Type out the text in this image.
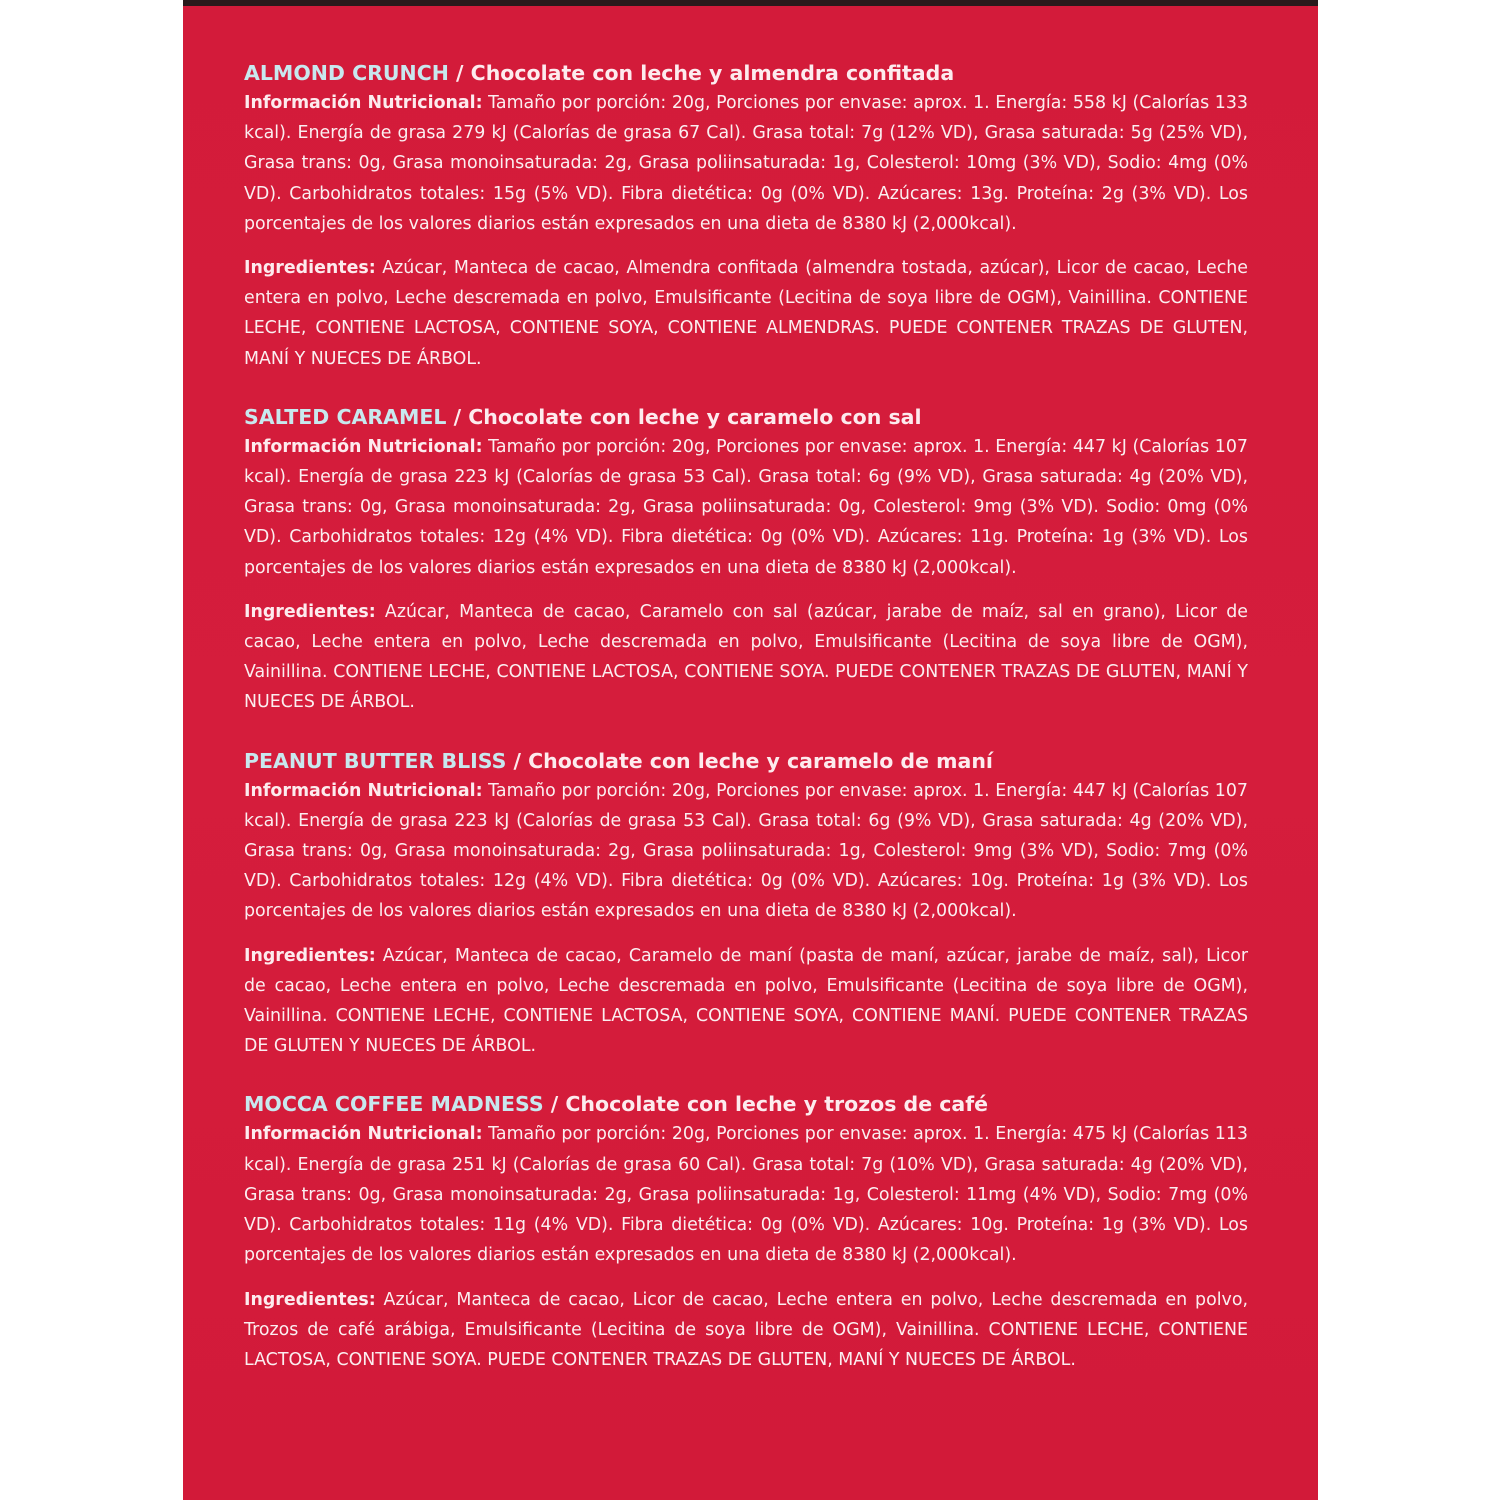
ALMOND CRUNCH / Chocolate con leche y almendra confitada

Información Nutricional: Tamaño por porción: 20g, Porciones por envase: aprox. 1. Energía: 558 kJ (Calorías 133 kcal). Energía de grasa 279 kJ (Calorías de grasa 67 Cal). Grasa total: 7g (12% VD), Grasa saturada: 5g (25% VD), Grasa trans: 0g, Grasa monoinsaturada: 2g, Grasa poliinsaturada: 1g, Colesterol: 10mg (3% VD), Sodio: 4mg (0% VD). Carbohidratos totales: 15g (5% VD). Fibra dietética: 0g (0% VD). Azúcares: 13g. Proteína: 2g (3% VD). Los porcentajes de los valores diarios están expresados en una dieta de 8380 kJ (2,000kcal).

Ingredientes: Azúcar, Manteca de cacao, Almendra confitada (almendra tostada, azúcar), Licor de cacao, Leche entera en polvo, Leche descremada en polvo, Emulsificante (Lecitina de soya libre de OGM), Vainillina. CONTIENE LECHE, CONTIENE LACTOSA, CONTIENE SOYA, CONTIENE ALMENDRAS. PUEDE CONTENER TRAZAS DE GLUTEN, MANÍ Y NUECES DE ÁRBOL.

SALTED CARAMEL / Chocolate con leche y caramelo con sal

Información Nutricional: Tamaño por porción: 20g, Porciones por envase: aprox. 1. Energía: 447 kJ (Calorías 107 kcal). Energía de grasa 223 kJ (Calorías de grasa 53 Cal). Grasa total: 6g (9% VD), Grasa saturada: 4g (20% VD), Grasa trans: 0g, Grasa monoinsaturada: 2g, Grasa poliinsaturada: 0g, Colesterol: 9mg (3% VD). Sodio: 0mg (0% VD). Carbohidratos totales: 12g (4% VD). Fibra dietética: 0g (0% VD). Azúcares: 11g. Proteína: 1g (3% VD). Los porcentajes de los valores diarios están expresados en una dieta de 8380 kJ (2,000kcal).

Ingredientes: Azúcar, Manteca de cacao, Caramelo con sal (azúcar, jarabe de maíz, sal en grano), Licor de cacao, Leche entera en polvo, Leche descremada en polvo, Emulsificante (Lecitina de soya libre de OGM), Vainillina. CONTIENE LECHE, CONTIENE LACTOSA, CONTIENE SOYA. PUEDE CONTENER TRAZAS DE GLUTEN, MANÍ Y NUECES DE ÁRBOL.

PEANUT BUTTER BLISS / Chocolate con leche y caramelo de maní

Información Nutricional: Tamaño por porción: 20g, Porciones por envase: aprox. 1. Energía: 447 kJ (Calorías 107 kcal). Energía de grasa 223 kJ (Calorías de grasa 53 Cal). Grasa total: 6g (9% VD), Grasa saturada: 4g (20% VD), Grasa trans: 0g, Grasa monoinsaturada: 2g, Grasa poliinsaturada: 1g, Colesterol: 9mg (3% VD), Sodio: 7mg (0% VD). Carbohidratos totales: 12g (4% VD). Fibra dietética: 0g (0% VD). Azúcares: 10g. Proteína: 1g (3% VD). Los porcentajes de los valores diarios están expresados en una dieta de 8380 kJ (2,000kcal).

Ingredientes: Azúcar, Manteca de cacao, Caramelo de maní (pasta de maní, azúcar, jarabe de maíz, sal), Licor de cacao, Leche entera en polvo, Leche descremada en polvo, Emulsificante (Lecitina de soya libre de OGM), Vainillina. CONTIENE LECHE, CONTIENE LACTOSA, CONTIENE SOYA, CONTIENE MANÍ. PUEDE CONTENER TRAZAS DE GLUTEN Y NUECES DE ÁRBOL.

MOCCA COFFEE MADNESS / Chocolate con leche y trozos de café

Información Nutricional: Tamaño por porción: 20g, Porciones por envase: aprox. 1. Energía: 475 kJ (Calorías 113 kcal). Energía de grasa 251 kJ (Calorías de grasa 60 Cal). Grasa total: 7g (10% VD), Grasa saturada: 4g (20% VD), Grasa trans: 0g, Grasa monoinsaturada: 2g, Grasa poliinsaturada: 1g, Colesterol: 11mg (4% VD), Sodio: 7mg (0% VD). Carbohidratos totales: 11g (4% VD). Fibra dietética: 0g (0% VD). Azúcares: 10g. Proteína: 1g (3% VD). Los porcentajes de los valores diarios están expresados en una dieta de 8380 kJ (2,000kcal).

Ingredientes: Azúcar, Manteca de cacao, Licor de cacao, Leche entera en polvo, Leche descremada en polvo, Trozos de café arábiga, Emulsificante (Lecitina de soya libre de OGM), Vainillina. CONTIENE LECHE, CONTIENE LACTOSA, CONTIENE SOYA. PUEDE CONTENER TRAZAS DE GLUTEN, MANÍ Y NUECES DE ÁRBOL.
